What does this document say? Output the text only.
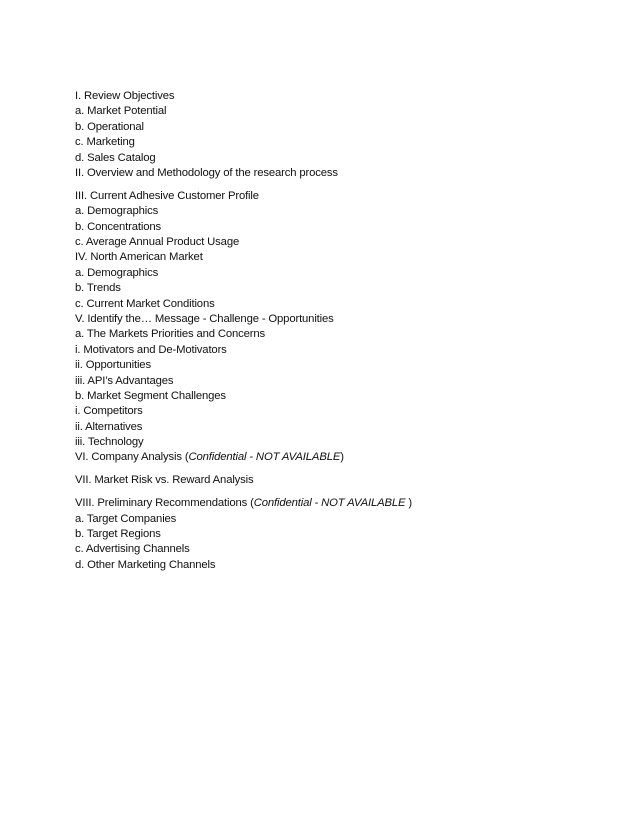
I. Review Objectives
a. Market Potential
b. Operational
c. Marketing
d. Sales Catalog
II. Overview and Methodology of the research process
III. Current Adhesive Customer Profile
a. Demographics
b. Concentrations
c. Average Annual Product Usage
IV. North American Market
a. Demographics
b. Trends
c. Current Market Conditions
V. Identify the… Message - Challenge - Opportunities
a. The Markets Priorities and Concerns
i. Motivators and De-Motivators
ii. Opportunities
iii. API’s Advantages
b. Market Segment Challenges
i. Competitors
ii. Alternatives
iii. Technology
VI. Company Analysis (Confidential - NOT AVAILABLE)
VII. Market Risk vs. Reward Analysis
VIII. Preliminary Recommendations (Confidential - NOT AVAILABLE )
a. Target Companies
b. Target Regions
c. Advertising Channels
d. Other Marketing Channels
